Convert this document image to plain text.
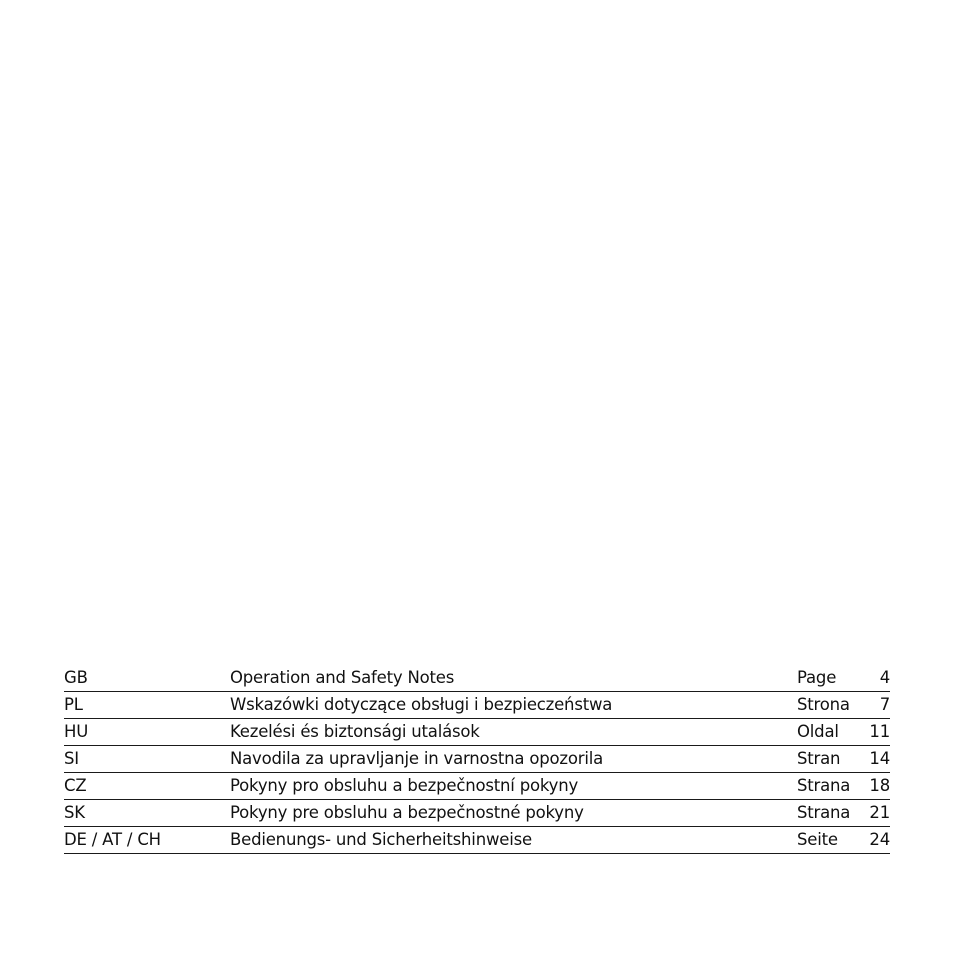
GB	Operation and Safety Notes	Page	4
PL	Wskazówki dotyczące obsługi i bezpieczeństwa	Strona 7
HU	Kezelési és biztonsági utalások	Oldal 11
SI	Navodila za upravljanje in varnostna opozorila	Stran 14
CZ	Pokyny pro obsluhu a bezpečnostní pokyny	Strana 18
SK	Pokyny pre obsluhu a bezpečnostné pokyny	Strana 21
DE / AT / CH	Bedienungs- und Sicherheitshinweise	Seite 24
